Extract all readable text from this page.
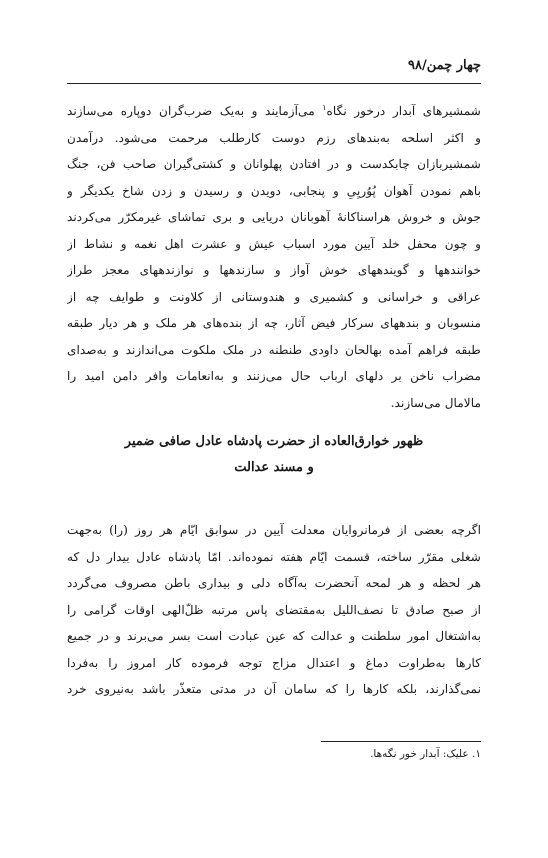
چهار چمن/۹۸
شمشیرهای آبدار درخور نگاه$^۱$ می‌آزمایند و به‌یک ضرب‌گران دوپاره می‌سازند
و اکثر اسلحه به‌بندهای رزم دوست کارطلب مرحمت می‌شود. درآمدن
شمشیربازان چابکدست و در افتادن پهلوانان و کشتی‌گیران صاحب فن، جنگ
باهم نمودن آهوان پُوُریِیِ و پنجابی، دویدن و رسیدن و زدن شاخ یکدیگر و
جوش و خروش هراسناکانهٔ آهوبانان دریایی و بری تماشای غیرمکرّر می‌کردند
و چون محفل خلد آیین مورد اسباب عیش و عشرت اهل نغمه و نشاط از
خوانندهها و گویندههای خوش آواز و سازندهها و نوازندههای معجز طراز
عراقی و خراسانی و کشمیری و هندوستانی از کلاونت و طوایف چه از
منسوبان و بندههای سرکار فیض آثار، چه از بنده‌های هر ملک و هر دیار طبقه
طبقه فراهم آمده بهالحان داودی طنطنه در ملک ملکوت می‌اندازند و به‌صدای
مضراب ناخن بر دلهای ارباب حال می‌زنند و به‌انعامات وافر دامن امید را
مالامال می‌سازند.
ظهور خوارق‌العاده از حضرت پادشاه عادل صافی ضمیر
و مسند عدالت
اگرچه بعضی از فرمانروایان معدلت آیین در سوابق ایّام هر روز (را) به‌جهت
شغلی مقرّر ساخته، قسمت ایّام هفته نموده‌اند. امّا پادشاه عادل بیدار دل که
هر لحظه و هر لمحه آنحضرت به‌آگاه دلی و بیداری باطن مصروف می‌گردد
از صبح صادق تا نصف‌اللیل به‌مقتضای پاس مرتبه ظلّ‌الهی اوقات گرامی را
به‌اشتغال امور سلطنت و عدالت که عین عبادت است بسر می‌برند و در جمیع
کارها به‌طراوت دماغ و اعتدال مزاج توجه فرموده کار امروز را به‌فردا
نمی‌گذارند، بلکه کارها را که سامان آن در مدتی متعذّر باشد به‌نیروی خرد
۱. علیک: آبدار خور نگه‌ها.
